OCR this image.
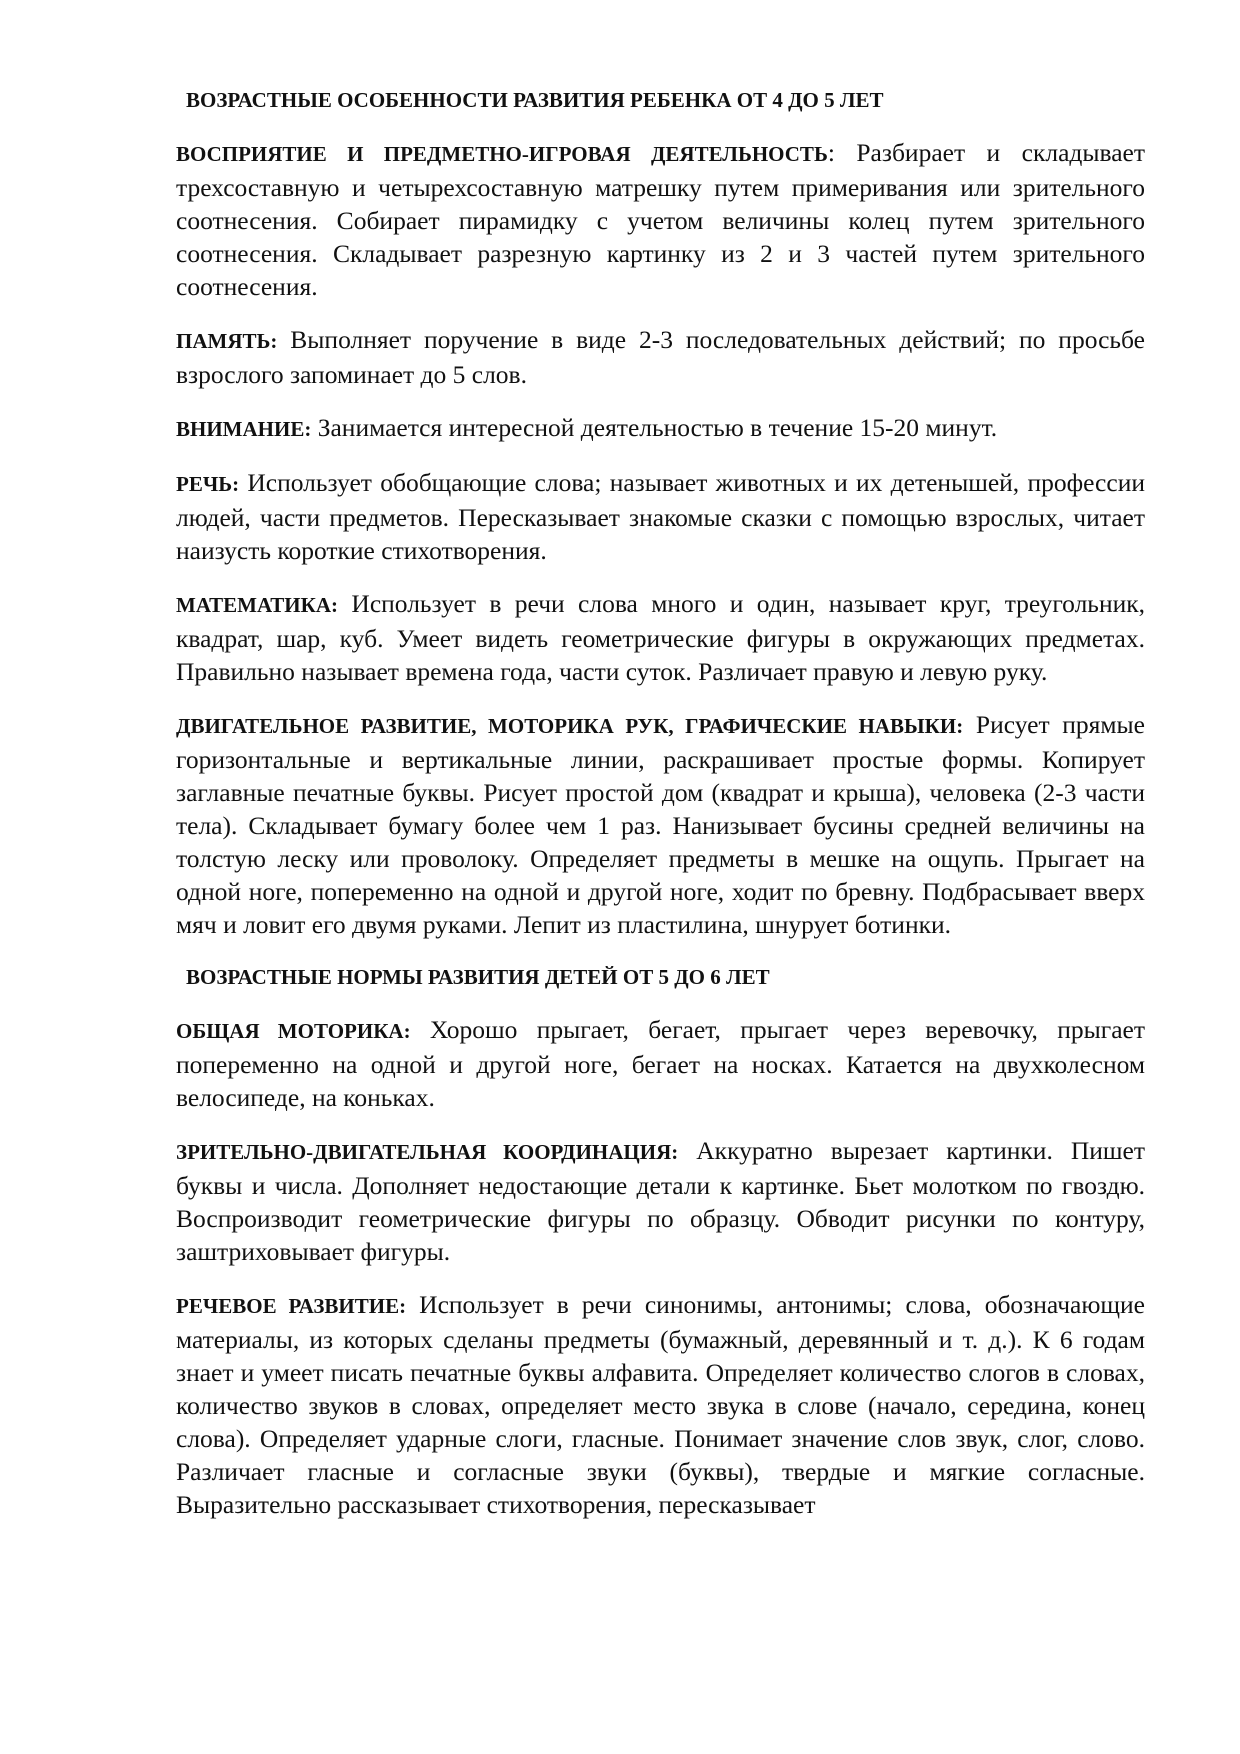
ВОЗРАСТНЫЕ ОСОБЕННОСТИ РАЗВИТИЯ РЕБЕНКА ОТ 4 ДО 5 ЛЕТ

ВОСПРИЯТИЕ И ПРЕДМЕТНО-ИГРОВАЯ ДЕЯТЕЛЬНОСТЬ: Разбирает и складывает трехсоставную и четырехсоставную матрешку путем примеривания или зрительного соотнесения. Собирает пирамидку с учетом величины колец путем зрительного соотнесения. Складывает разрезную картинку из 2 и 3 частей путем зрительного соотнесения.

ПАМЯТЬ: Выполняет поручение в виде 2-3 последовательных действий; по просьбе взрослого запоминает до 5 слов.

ВНИМАНИЕ: Занимается интересной деятельностью в течение 15-20 минут.

РЕЧЬ: Использует обобщающие слова; называет животных и их детенышей, профессии людей, части предметов. Пересказывает знакомые сказки с помощью взрослых, читает наизусть короткие стихотворения.

МАТЕМАТИКА: Использует в речи слова много и один, называет круг, треугольник, квадрат, шар, куб. Умеет видеть геометрические фигуры в окружающих предметах. Правильно называет времена года, части суток. Различает правую и левую руку.

ДВИГАТЕЛЬНОЕ РАЗВИТИЕ, МОТОРИКА РУК, ГРАФИЧЕСКИЕ НАВЫКИ: Рисует прямые горизонтальные и вертикальные линии, раскрашивает простые формы. Копирует заглавные печатные буквы. Рисует простой дом (квадрат и крыша), человека (2-3 части тела). Складывает бумагу более чем 1 раз. Нанизывает бусины средней величины на толстую леску или проволоку. Определяет предметы в мешке на ощупь. Прыгает на одной ноге, попеременно на одной и другой ноге, ходит по бревну. Подбрасывает вверх мяч и ловит его двумя руками. Лепит из пластилина, шнурует ботинки.

ВОЗРАСТНЫЕ НОРМЫ РАЗВИТИЯ ДЕТЕЙ ОТ 5 ДО 6 ЛЕТ

ОБЩАЯ МОТОРИКА: Хорошо прыгает, бегает, прыгает через веревочку, прыгает попеременно на одной и другой ноге, бегает на носках. Катается на двухколесном велосипеде, на коньках.

ЗРИТЕЛЬНО-ДВИГАТЕЛЬНАЯ КООРДИНАЦИЯ: Аккуратно вырезает картинки. Пишет буквы и числа. Дополняет недостающие детали к картинке. Бьет молотком по гвоздю. Воспроизводит геометрические фигуры по образцу. Обводит рисунки по контуру, заштриховывает фигуры.

РЕЧЕВОЕ РАЗВИТИЕ: Использует в речи синонимы, антонимы; слова, обозначающие материалы, из которых сделаны предметы (бумажный, деревянный и т. д.). К 6 годам знает и умеет писать печатные буквы алфавита. Определяет количество слогов в словах, количество звуков в словах, определяет место звука в слове (начало, середина, конец слова). Определяет ударные слоги, гласные. Понимает значение слов звук, слог, слово. Различает гласные и согласные звуки (буквы), твердые и мягкие согласные. Выразительно рассказывает стихотворения, пересказывает
